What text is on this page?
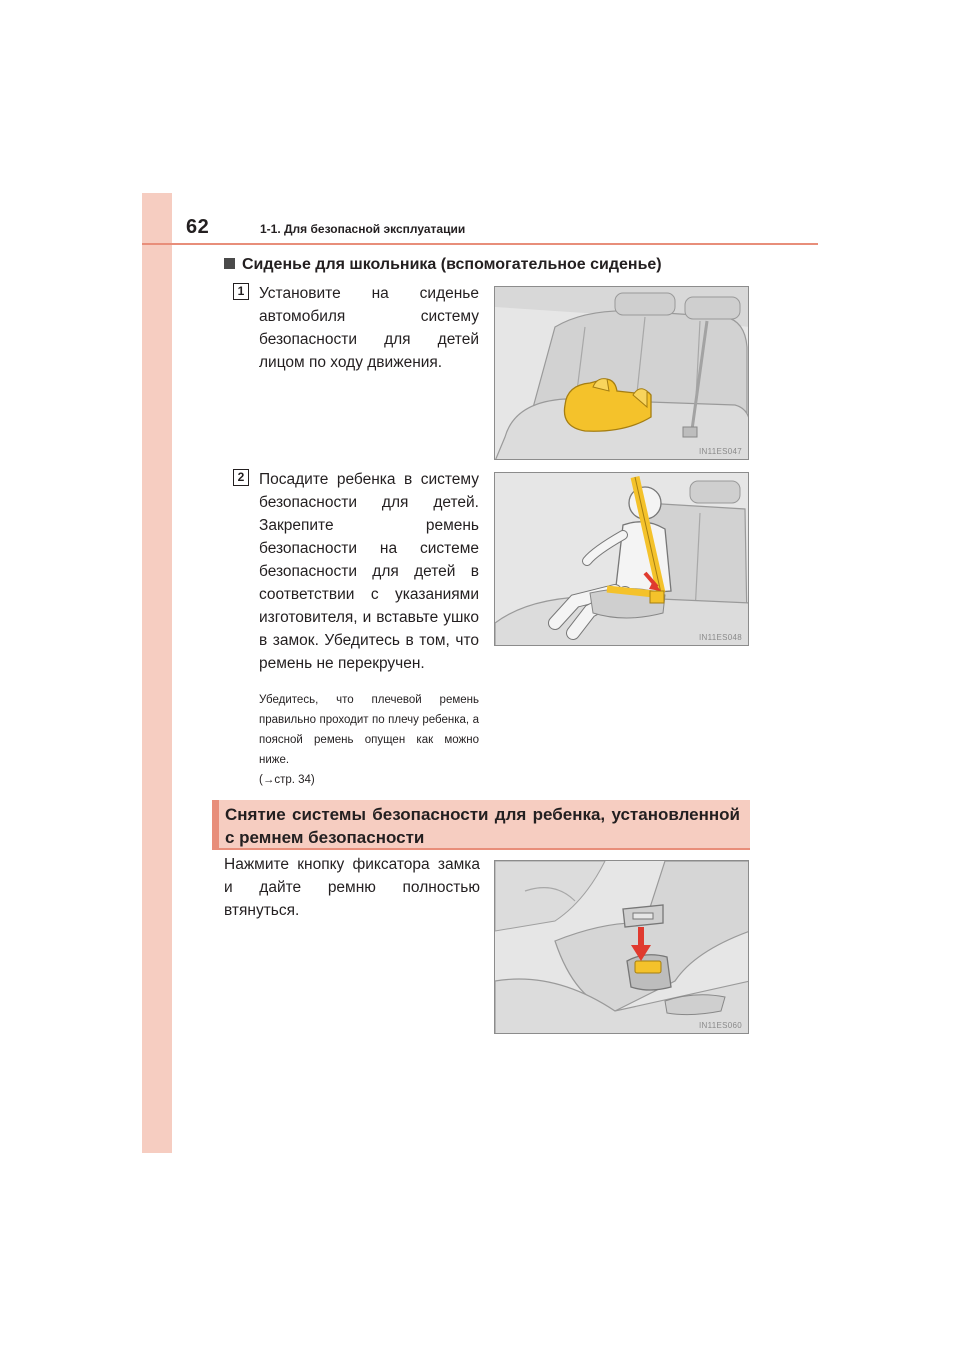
62	1-1. Для безопасной эксплуатации
Сиденье для школьника (вспомогательное сиденье)
1 Установите на сиденье автомобиля систему безопасности для детей лицом по ходу движения.
IN11ES047
2 Посадите ребенка в систему безопасности для детей. Закрепите ремень безопасности на системе безопасности для детей в соответствии с указаниями изготовителя, и вставьте ушко в замок. Убедитесь в том, что ремень не перекручен.
Убедитесь, что плечевой ремень правильно проходит по плечу ребенка, а поясной ремень опущен как можно ниже.
(→стр. 34)
IN11ES048
Снятие системы безопасности для ребенка, установленной с ремнем безопасности
Нажмите кнопку фиксатора замка и дайте ремню полностью втянуться.
IN11ES060
